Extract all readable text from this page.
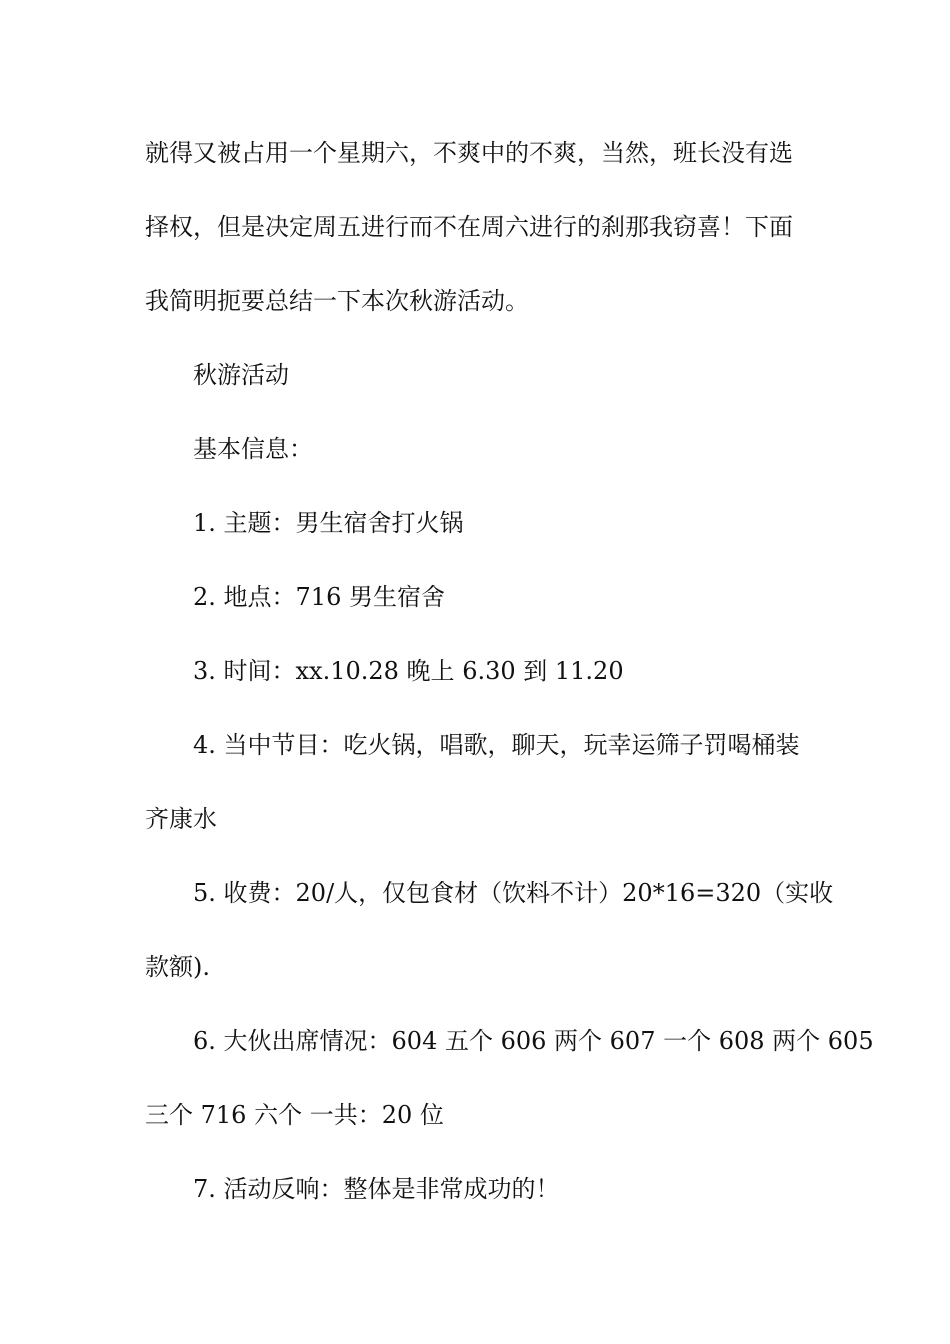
就得又被占用一个星期六，不爽中的不爽，当然，班长没有选

择权，但是决定周五进行而不在周六进行的刹那我窃喜！下面

我简明扼要总结一下本次秋游活动。

秋游活动

基本信息：

1. 主题：男生宿舍打火锅

2. 地点：716 男生宿舍

3. 时间：xx.10.28 晚上 6.30 到 11.20

4. 当中节目：吃火锅，唱歌，聊天，玩幸运筛子罚喝桶装

齐康水

5. 收费：20/人，仅包食材（饮料不计）20*16=320（实收

款额).

6. 大伙出席情况：604 五个 606 两个 607 一个 608 两个 605

三个 716 六个 一共：20 位

7. 活动反响：整体是非常成功的！
